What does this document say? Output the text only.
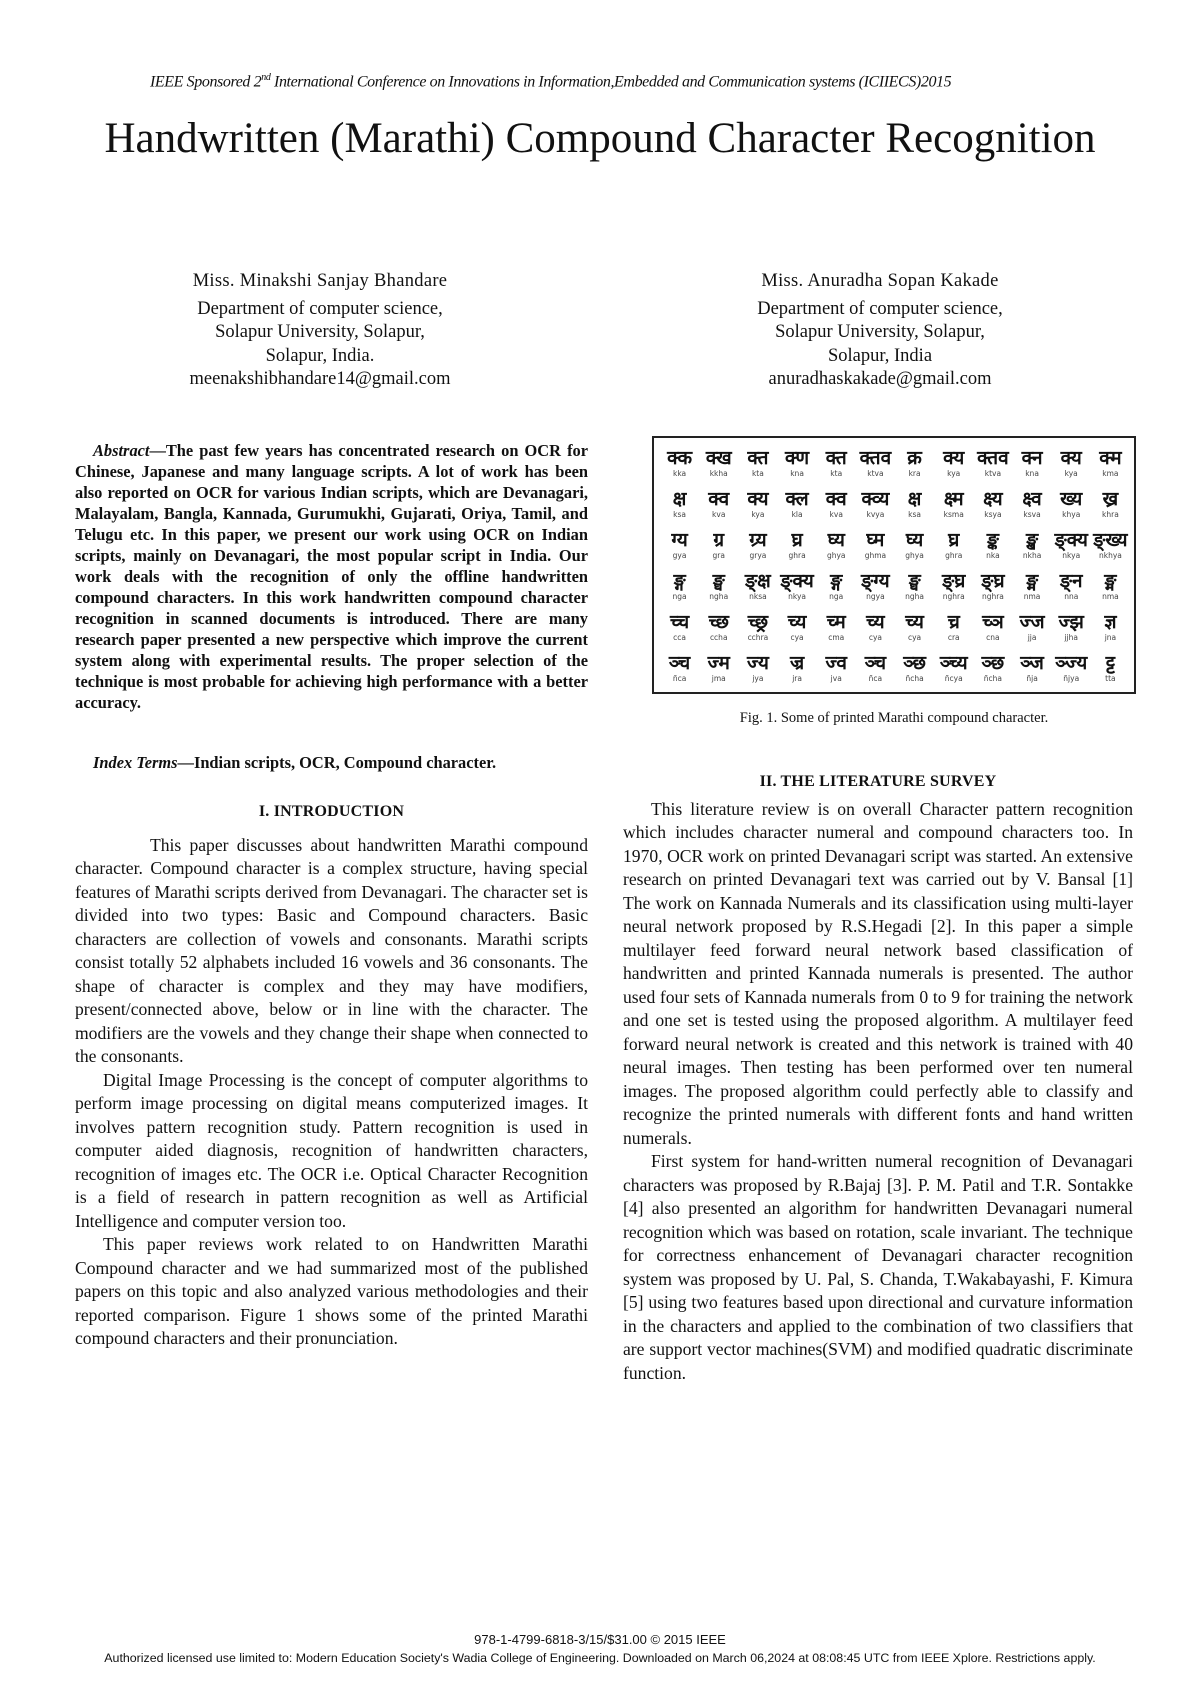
IEEE Sponsored 2nd International Conference on Innovations in Information,Embedded and Communication systems (ICIIECS)2015
Handwritten (Marathi) Compound Character Recognition
Miss. Minakshi Sanjay Bhandare
Department of computer science,
Solapur University, Solapur,
Solapur, India.
meenakshibhandare14@gmail.com
Miss. Anuradha Sopan Kakade
Department of computer science,
Solapur University, Solapur,
Solapur, India
anuradhaskakade@gmail.com

Abstract—The past few years has concentrated research on OCR for Chinese, Japanese and many language scripts. A lot of work has been also reported on OCR for various Indian scripts, which are Devanagari, Malayalam, Bangla, Kannada, Gurumukhi, Gujarati, Oriya, Tamil, and Telugu etc. In this paper, we present our work using OCR on Indian scripts, mainly on Devanagari, the most popular script in India. Our work deals with the recognition of only the offline handwritten compound characters. In this work handwritten compound character recognition in scanned documents is introduced. There are many research paper presented a new perspective which improve the current system along with experimental results. The proper selection of the technique is most probable for achieving high performance with a better accuracy.

Index Terms—Indian scripts, OCR, Compound character.

I. INTRODUCTION

This paper discusses about handwritten Marathi compound character. Compound character is a complex structure, having special features of Marathi scripts derived from Devanagari. The character set is divided into two types: Basic and Compound characters. Basic characters are collection of vowels and consonants. Marathi scripts consist totally 52 alphabets included 16 vowels and 36 consonants. The shape of character is complex and they may have modifiers, present/connected above, below or in line with the character. The modifiers are the vowels and they change their shape when connected to the consonants.

Digital Image Processing is the concept of computer algorithms to perform image processing on digital means computerized images. It involves pattern recognition study. Pattern recognition is used in computer aided diagnosis, recognition of handwritten characters, recognition of images etc. The OCR i.e. Optical Character Recognition is a field of research in pattern recognition as well as Artificial Intelligence and computer version too.

This paper reviews work related to on Handwritten Marathi Compound character and we had summarized most of the published papers on this topic and also analyzed various methodologies and their reported comparison. Figure 1 shows some of the printed Marathi compound characters and their pronunciation.

क्क
kka
क्ख
kkha
क्त
kta
क्ण
kna
क्त
kta
क्तव
ktva
क्र
kra
क्य
kya
क्तव
ktva
क्न
kna
क्य
kya
क्म
kma
क्ष
ksa
क्व
kva
क्य
kya
क्ल
kla
क्व
kva
क्व्य
kvya
क्ष
ksa
क्ष्म
ksma
क्ष्य
ksya
क्ष्व
ksva
ख्य
khya
ख्र
khra
ग्य
gya
ग्र
gra
ग्र्य
grya
घ्र
ghra
घ्य
ghya
घ्म
ghma
घ्य
ghya
घ्र
ghra
ङ्क
nka
ङ्ख
nkha
ङ्क्य
nkya
ङ्ख्य
nkhya
ङ्ग
nga
ङ्घ
ngha
ङ्क्ष
nksa
ङ्क्य
nkya
ङ्ग
nga
ङ्ग्य
ngya
ङ्घ
ngha
ङ्घ्र
nghra
ङ्घ्र
nghra
ङ्म
nma
ङ्न
nna
ङ्म
nma
च्च
cca
च्छ
ccha
च्छ्र
cchra
च्य
cya
च्म
cma
च्य
cya
च्य
cya
च्र
cra
च्ञ
cna
ज्ज
jja
ज्झ
jjha
ज्ञ
jna
ञ्च
ñca
ज्म
jma
ज्य
jya
ज्र
jra
ज्व
jva
ञ्च
ñca
ञ्छ
ñcha
ञ्च्य
ñcya
ञ्छ
ñcha
ञ्ज
ñja
ञ्ज्य
ñjya
ट्ट
tta
Fig. 1. Some of printed Marathi compound character.
II. THE LITERATURE SURVEY

This literature review is on overall Character pattern recognition which includes character numeral and compound characters too. In 1970, OCR work on printed Devanagari script was started. An extensive research on printed Devanagari text was carried out by V. Bansal [1] The work on Kannada Numerals and its classification using multi-layer neural network proposed by R.S.Hegadi [2]. In this paper a simple multilayer feed forward neural network based classification of handwritten and printed Kannada numerals is presented. The author used four sets of Kannada numerals from 0 to 9 for training the network and one set is tested using the proposed algorithm. A multilayer feed forward neural network is created and this network is trained with 40 neural images. Then testing has been performed over ten numeral images. The proposed algorithm could perfectly able to classify and recognize the printed numerals with different fonts and hand written numerals.

First system for hand-written numeral recognition of Devanagari characters was proposed by R.Bajaj [3]. P. M. Patil and T.R. Sontakke [4] also presented an algorithm for handwritten Devanagari numeral recognition which was based on rotation, scale invariant. The technique for correctness enhancement of Devanagari character recognition system was proposed by U. Pal, S. Chanda, T.Wakabayashi, F. Kimura [5] using two features based upon directional and curvature information in the characters and applied to the combination of two classifiers that are support vector machines(SVM) and modified quadratic discriminate function.

978-1-4799-6818-3/15/$31.00 © 2015 IEEE
Authorized licensed use limited to: Modern Education Society's Wadia College of Engineering. Downloaded on March 06,2024 at 08:08:45 UTC from IEEE Xplore. Restrictions apply.
